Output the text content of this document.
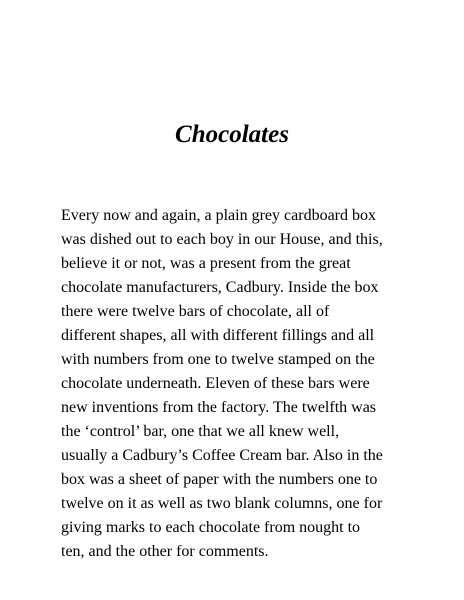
Chocolates
Every now and again, a plain grey cardboard box
was dished out to each boy in our House, and this,
believe it or not, was a present from the great
chocolate manufacturers, Cadbury. Inside the box
there were twelve bars of chocolate, all of
different shapes, all with different fillings and all
with numbers from one to twelve stamped on the
chocolate underneath. Eleven of these bars were
new inventions from the factory. The twelfth was
the ‘control’ bar, one that we all knew well,
usually a Cadbury’s Coffee Cream bar. Also in the
box was a sheet of paper with the numbers one to
twelve on it as well as two blank columns, one for
giving marks to each chocolate from nought to
ten, and the other for comments.
